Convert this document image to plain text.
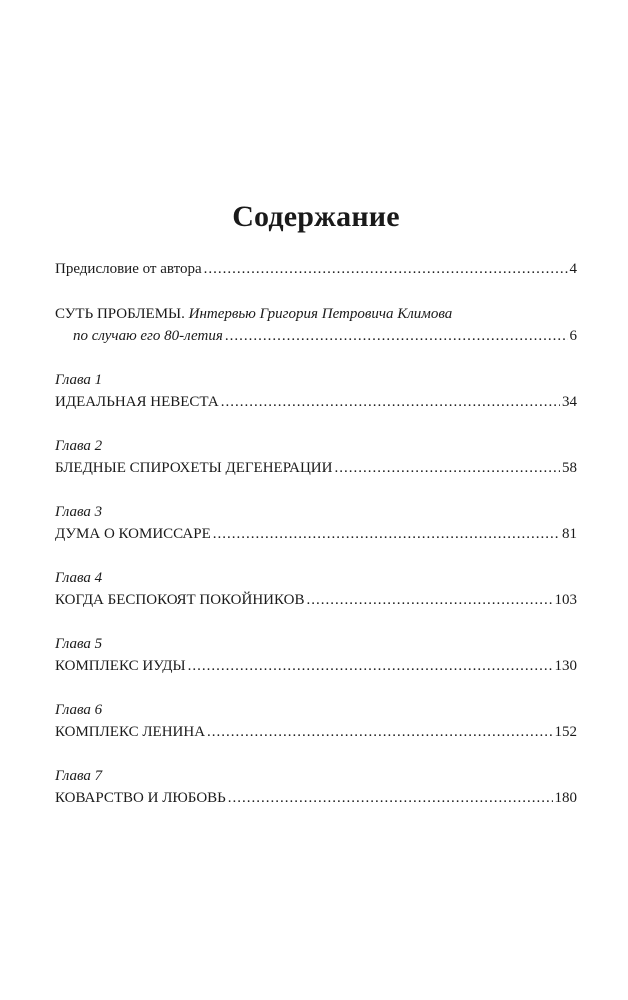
Содержание
Предисловие от автора .....	4
СУТЬ ПРОБЛЕМЫ. Интервью Григория Петровича Климова
по случаю его 80-летия .....	6
Глава 1
ИДЕАЛЬНАЯ НЕВЕСТА .....	34
Глава 2
БЛЕДНЫЕ СПИРОХЕТЫ ДЕГЕНЕРАЦИИ .....	58
Глава 3
ДУМА О КОМИССАРЕ .....	81
Глава 4
КОГДА БЕСПОКОЯТ ПОКОЙНИКОВ .....	103
Глава 5
КОМПЛЕКС ИУДЫ .....	130
Глава 6
КОМПЛЕКС ЛЕНИНА .....	152
Глава 7
КОВАРСТВО И ЛЮБОВЬ .....	180
